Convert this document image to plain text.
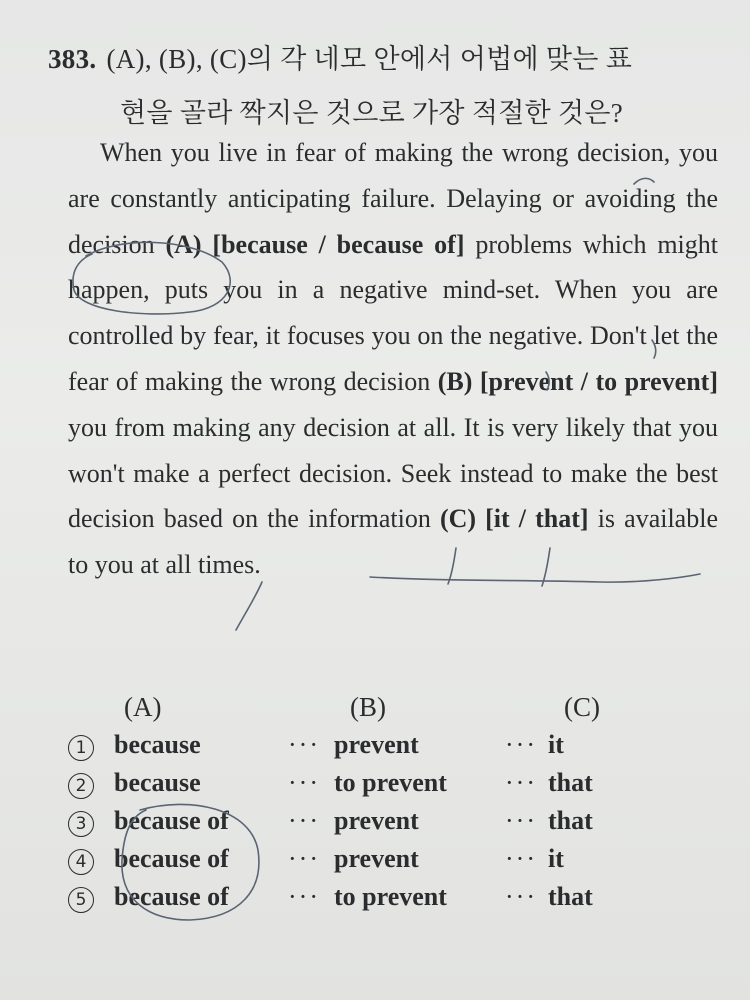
383. (A), (B), (C)의 각 네모 안에서 어법에 맞는 표
현을 골라 짝지은 것으로 가장 적절한 것은?

When you live in fear of making the wrong decision, you are constantly anticipating failure. Delaying or avoiding the decision (A) [because / because of] problems which might happen, puts you in a negative mind-set. When you are controlled by fear, it focuses you on the negative. Don't let the fear of making the wrong decision (B) [prevent / to prevent] you from making any decision at all. It is very likely that you won't make a perfect decision. Seek instead to make the best decision based on the information (C) [it / that] is available to you at all times.

(A)	(B)	(C)
1	because	··· prevent	··· it
2	because	··· to prevent	··· that
3	because of	··· prevent	··· that
4	because of	··· prevent	··· it
5	because of	··· to prevent	··· that
